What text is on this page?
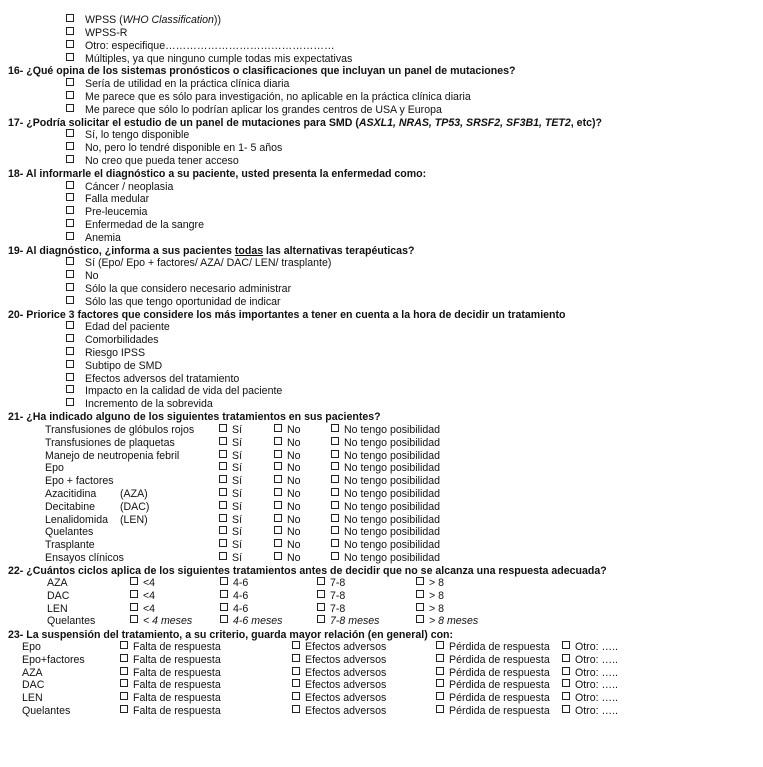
WPSS (WHO Classification))
WPSS-R
Otro: especifique…………………………………………
Múltiples, ya que ninguno cumple todas mis expectativas
16- ¿Qué opina de los sistemas pronósticos o clasificaciones que incluyan un panel de mutaciones?
Sería de utilidad en la práctica clínica diaria
Me parece que es sólo para investigación, no aplicable en la práctica clínica diaria
Me parece que sólo lo podrían aplicar los grandes centros de USA y Europa
17- ¿Podría solicitar el estudio de un panel de mutaciones para SMD (ASXL1, NRAS, TP53, SRSF2, SF3B1, TET2, etc)?
Sí, lo tengo disponible
No, pero lo tendré disponible en 1- 5 años
No creo que pueda tener acceso
18- Al informarle el diagnóstico a su paciente, usted presenta la enfermedad como:
Cáncer / neoplasia
Falla medular
Pre-leucemia
Enfermedad de la sangre
Anemia
19- Al diagnóstico, ¿informa a sus pacientes todas las alternativas terapéuticas?
Sí (Epo/ Epo + factores/ AZA/ DAC/ LEN/ trasplante)
No
Sólo la que considero necesario administrar
Sólo las que tengo oportunidad de indicar
20- Priorice 3 factores que considere los más importantes a tener en cuenta a la hora de decidir un tratamiento
Edad del paciente
Comorbilidades
Riesgo IPSS
Subtipo de SMD
Efectos adversos del tratamiento
Impacto en la calidad de vida del paciente
Incremento de la sobrevida
21- ¿Ha indicado alguno de los siguientes tratamientos en sus pacientes?
Transfusiones de glóbulos rojos	Sí	No	No tengo posibilidad
Transfusiones de plaquetas	Sí	No	No tengo posibilidad
Manejo de neutropenia febril	Sí	No	No tengo posibilidad
Epo	Sí	No	No tengo posibilidad
Epo + factores	Sí	No	No tengo posibilidad
Azacitidina (AZA)	Sí	No	No tengo posibilidad
Decitabine (DAC)	Sí	No	No tengo posibilidad
Lenalidomida (LEN)	Sí	No	No tengo posibilidad
Quelantes	Sí	No	No tengo posibilidad
Trasplante	Sí	No	No tengo posibilidad
Ensayos clínicos	Sí	No	No tengo posibilidad
22- ¿Cuántos ciclos aplica de los siguientes tratamientos antes de decidir que no se alcanza una respuesta adecuada?
AZA	<4	4-6	7-8	> 8
DAC	<4	4-6	7-8	> 8
LEN	<4	4-6	7-8	> 8
Quelantes	< 4 meses	4-6 meses	7-8 meses	> 8 meses
23- La suspensión del tratamiento, a su criterio, guarda mayor relación (en general) con:
Epo	Falta de respuesta	Efectos adversos	Pérdida de respuesta	Otro: …..
Epo+factores	Falta de respuesta	Efectos adversos	Pérdida de respuesta	Otro: …..
AZA	Falta de respuesta	Efectos adversos	Pérdida de respuesta	Otro: …..
DAC	Falta de respuesta	Efectos adversos	Pérdida de respuesta	Otro: …..
LEN	Falta de respuesta	Efectos adversos	Pérdida de respuesta	Otro: …..
Quelantes	Falta de respuesta	Efectos adversos	Pérdida de respuesta	Otro: …..
